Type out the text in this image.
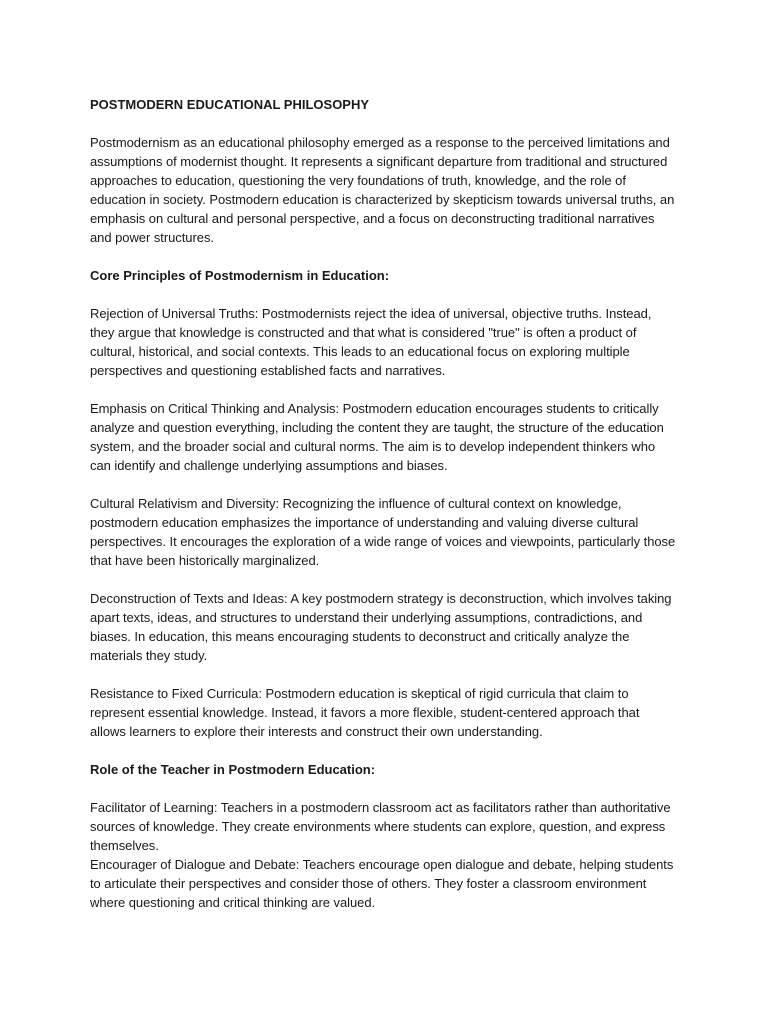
POSTMODERN EDUCATIONAL PHILOSOPHY

Postmodernism as an educational philosophy emerged as a response to the perceived limitations and assumptions of modernist thought. It represents a significant departure from traditional and structured approaches to education, questioning the very foundations of truth, knowledge, and the role of education in society. Postmodern education is characterized by skepticism towards universal truths, an emphasis on cultural and personal perspective, and a focus on deconstructing traditional narratives and power structures.

Core Principles of Postmodernism in Education:

Rejection of Universal Truths: Postmodernists reject the idea of universal, objective truths. Instead, they argue that knowledge is constructed and that what is considered "true" is often a product of cultural, historical, and social contexts. This leads to an educational focus on exploring multiple perspectives and questioning established facts and narratives.

Emphasis on Critical Thinking and Analysis: Postmodern education encourages students to critically analyze and question everything, including the content they are taught, the structure of the education system, and the broader social and cultural norms. The aim is to develop independent thinkers who can identify and challenge underlying assumptions and biases.

Cultural Relativism and Diversity: Recognizing the influence of cultural context on knowledge, postmodern education emphasizes the importance of understanding and valuing diverse cultural perspectives. It encourages the exploration of a wide range of voices and viewpoints, particularly those that have been historically marginalized.

Deconstruction of Texts and Ideas: A key postmodern strategy is deconstruction, which involves taking apart texts, ideas, and structures to understand their underlying assumptions, contradictions, and biases. In education, this means encouraging students to deconstruct and critically analyze the materials they study.

Resistance to Fixed Curricula: Postmodern education is skeptical of rigid curricula that claim to represent essential knowledge. Instead, it favors a more flexible, student-centered approach that allows learners to explore their interests and construct their own understanding.

Role of the Teacher in Postmodern Education:

Facilitator of Learning: Teachers in a postmodern classroom act as facilitators rather than authoritative sources of knowledge. They create environments where students can explore, question, and express themselves.

Encourager of Dialogue and Debate: Teachers encourage open dialogue and debate, helping students to articulate their perspectives and consider those of others. They foster a classroom environment where questioning and critical thinking are valued.
